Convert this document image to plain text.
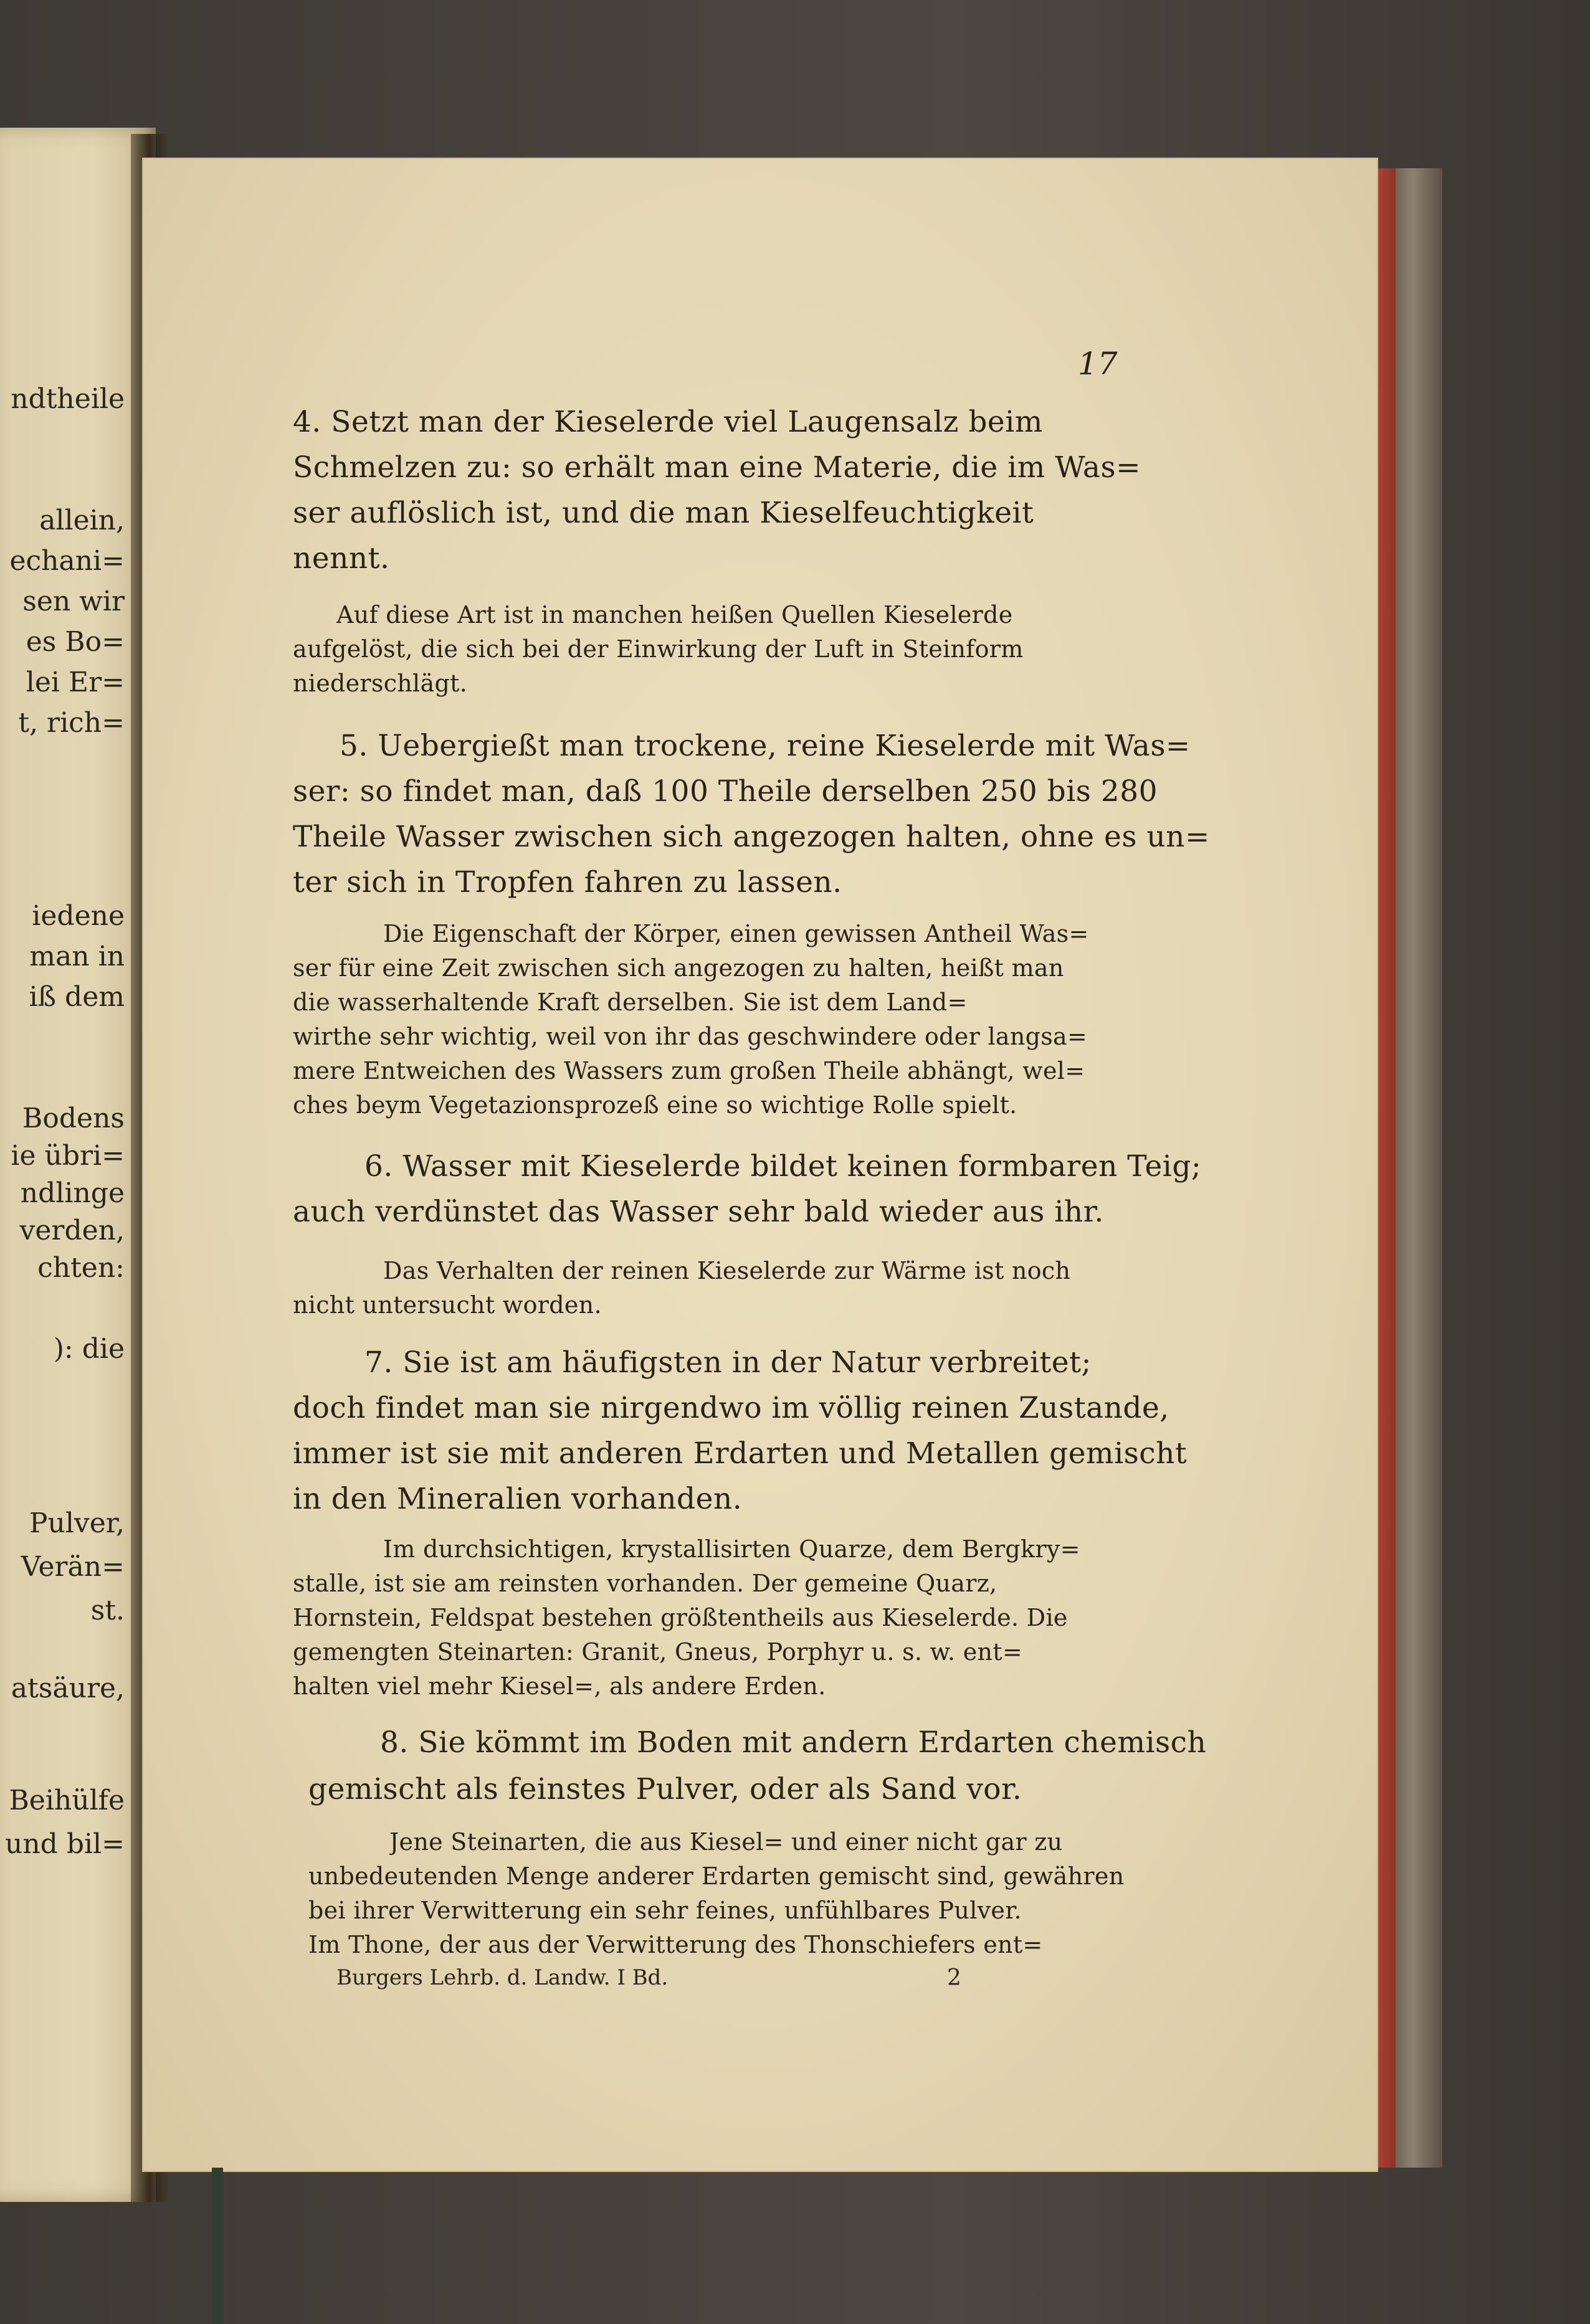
ndtheile
allein,
echani=
sen wir
es Bo=
lei Er=
t, rich=
iedene
man in
iß dem
Bodens
ie übri=
ndlinge
verden,
chten:
): die
Pulver,
Verän=
st.
atsäure,
Beihülfe
und bil=
17
4. Setzt man der Kieselerde viel Laugensalz beim
Schmelzen zu: so erhält man eine Materie, die im Was=
ser auflöslich ist, und die man Kieselfeuchtigkeit
nennt.
Auf diese Art ist in manchen heißen Quellen Kieselerde
aufgelöst, die sich bei der Einwirkung der Luft in Steinform
niederschlägt.
5. Uebergießt man trockene, reine Kieselerde mit Was=
ser: so findet man, daß 100 Theile derselben 250 bis 280
Theile Wasser zwischen sich angezogen halten, ohne es un=
ter sich in Tropfen fahren zu lassen.
Die Eigenschaft der Körper, einen gewissen Antheil Was=
ser für eine Zeit zwischen sich angezogen zu halten, heißt man
die wasserhaltende Kraft derselben. Sie ist dem Land=
wirthe sehr wichtig, weil von ihr das geschwindere oder langsa=
mere Entweichen des Wassers zum großen Theile abhängt, wel=
ches beym Vegetazionsprozeß eine so wichtige Rolle spielt.
6. Wasser mit Kieselerde bildet keinen formbaren Teig;
auch verdünstet das Wasser sehr bald wieder aus ihr.
Das Verhalten der reinen Kieselerde zur Wärme ist noch
nicht untersucht worden.
7. Sie ist am häufigsten in der Natur verbreitet;
doch findet man sie nirgendwo im völlig reinen Zustande,
immer ist sie mit anderen Erdarten und Metallen gemischt
in den Mineralien vorhanden.
Im durchsichtigen, krystallisirten Quarze, dem Bergkry=
stalle, ist sie am reinsten vorhanden. Der gemeine Quarz,
Hornstein, Feldspat bestehen größtentheils aus Kieselerde. Die
gemengten Steinarten: Granit, Gneus, Porphyr u. s. w. ent=
halten viel mehr Kiesel=, als andere Erden.
8. Sie kömmt im Boden mit andern Erdarten chemisch
gemischt als feinstes Pulver, oder als Sand vor.
Jene Steinarten, die aus Kiesel= und einer nicht gar zu
unbedeutenden Menge anderer Erdarten gemischt sind, gewähren
bei ihrer Verwitterung ein sehr feines, unfühlbares Pulver.
Im Thone, der aus der Verwitterung des Thonschiefers ent=
Burgers Lehrb. d. Landw. I Bd.	2
